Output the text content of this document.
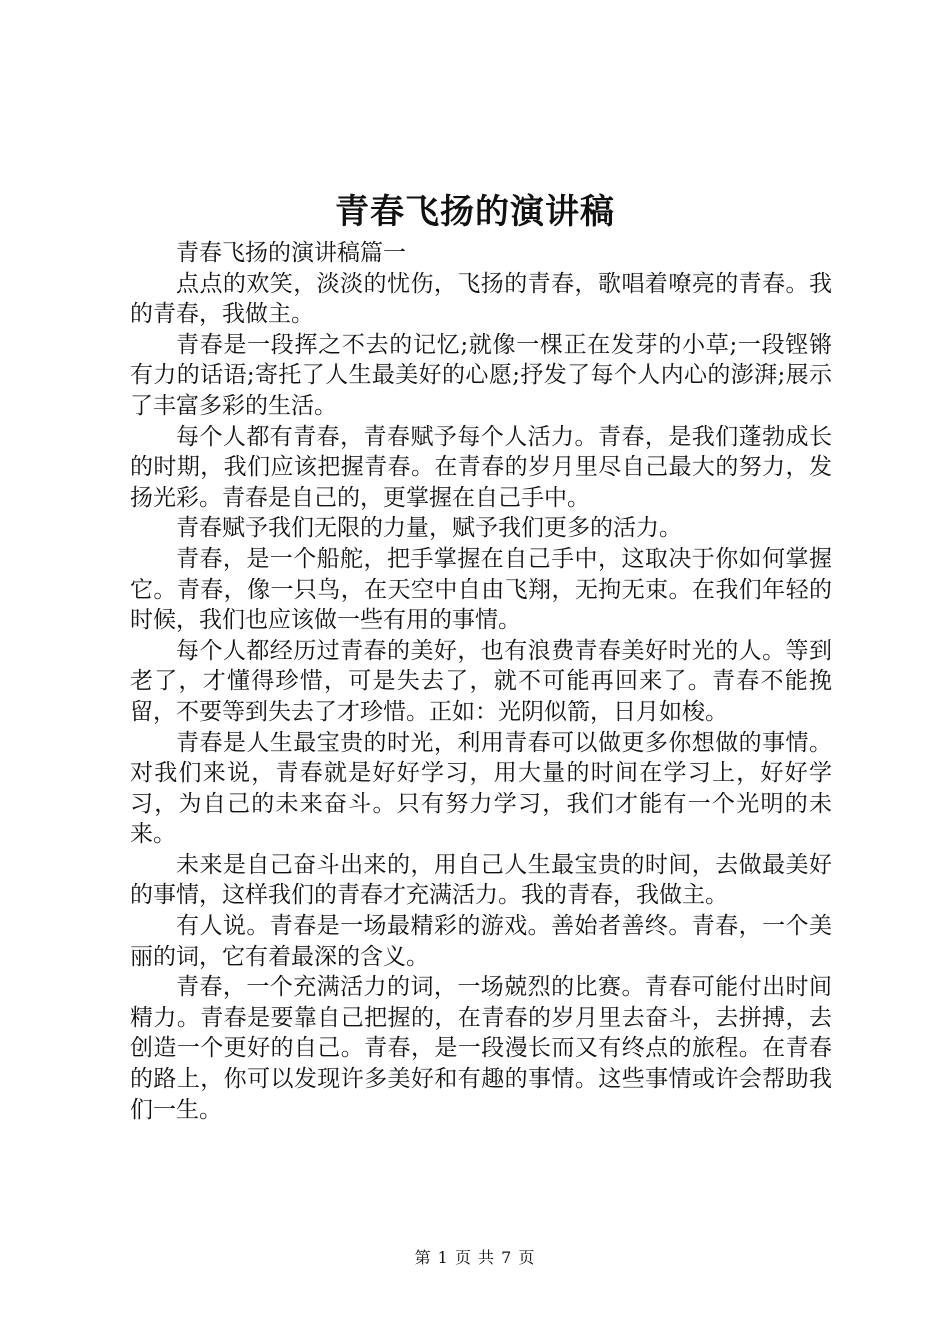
青春飞扬的演讲稿

青春飞扬的演讲稿篇一

点点的欢笑，淡淡的忧伤，飞扬的青春，歌唱着嘹亮的青春。我的青春，我做主。

青春是一段挥之不去的记忆;就像一棵正在发芽的小草;一段铿锵有力的话语;寄托了人生最美好的心愿;抒发了每个人内心的澎湃;展示了丰富多彩的生活。

每个人都有青春，青春赋予每个人活力。青春，是我们蓬勃成长的时期，我们应该把握青春。在青春的岁月里尽自己最大的努力，发扬光彩。青春是自己的，更掌握在自己手中。

青春赋予我们无限的力量，赋予我们更多的活力。

青春，是一个船舵，把手掌握在自己手中，这取决于你如何掌握它。青春，像一只鸟，在天空中自由飞翔，无拘无束。在我们年轻的时候，我们也应该做一些有用的事情。

每个人都经历过青春的美好，也有浪费青春美好时光的人。等到老了，才懂得珍惜，可是失去了，就不可能再回来了。青春不能挽留，不要等到失去了才珍惜。正如：光阴似箭，日月如梭。

青春是人生最宝贵的时光，利用青春可以做更多你想做的事情。对我们来说，青春就是好好学习，用大量的时间在学习上，好好学习，为自己的未来奋斗。只有努力学习，我们才能有一个光明的未来。

未来是自己奋斗出来的，用自己人生最宝贵的时间，去做最美好的事情，这样我们的青春才充满活力。我的青春，我做主。

有人说。青春是一场最精彩的游戏。善始者善终。青春，一个美丽的词，它有着最深的含义。

青春，一个充满活力的词，一场兢烈的比赛。青春可能付出时间精力。青春是要靠自己把握的，在青春的岁月里去奋斗，去拼搏，去创造一个更好的自己。青春，是一段漫长而又有终点的旅程。在青春的路上，你可以发现许多美好和有趣的事情。这些事情或许会帮助我们一生。

第 1 页 共 7 页
